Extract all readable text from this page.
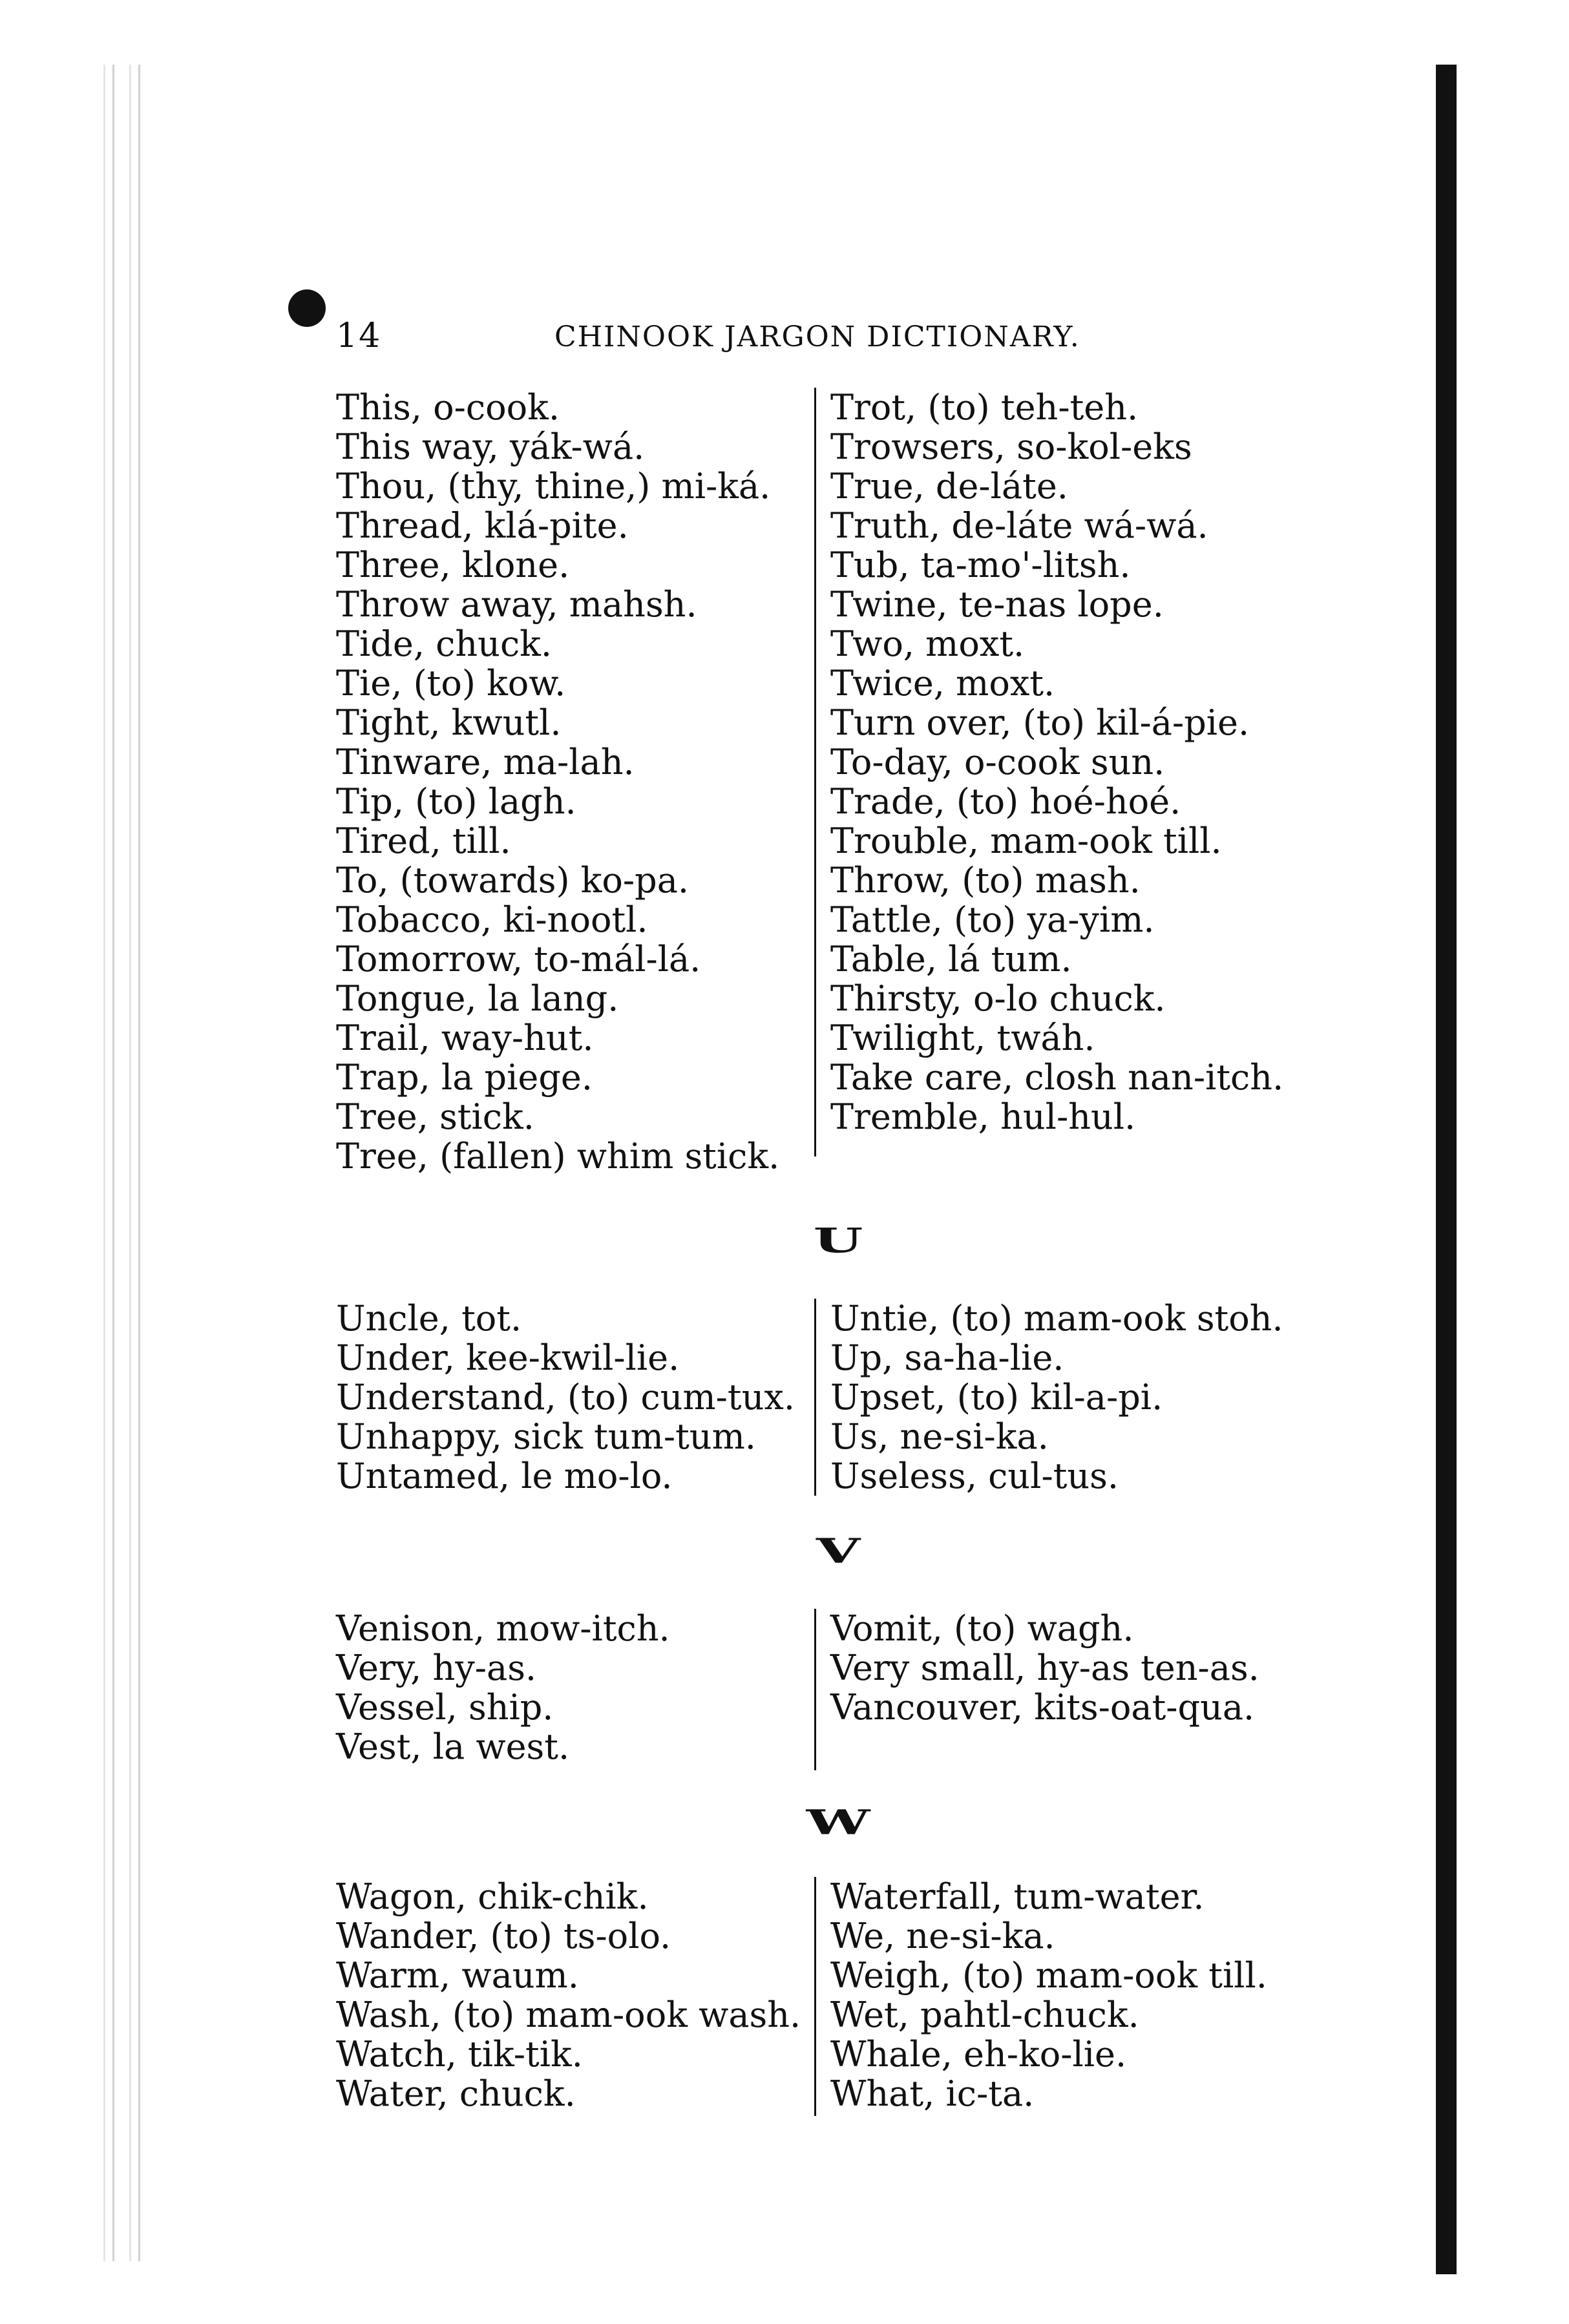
14	CHINOOK JARGON DICTIONARY.
This, o-cook.
This way, yák-wá.
Thou, (thy, thine,) mi-ká.
Thread, klá-pite.
Three, klone.
Throw away, mahsh.
Tide, chuck.
Tie, (to) kow.
Tight, kwutl.
Tinware, ma-lah.
Tip, (to) lagh.
Tired, till.
To, (towards) ko-pa.
Tobacco, ki-nootl.
Tomorrow, to-mál-lá.
Tongue, la lang.
Trail, way-hut.
Trap, la piege.
Tree, stick.
Tree, (fallen) whim stick.
Trot, (to) teh-teh.
Trowsers, so-kol-eks
True, de-láte.
Truth, de-láte wá-wá.
Tub, ta-mo'-litsh.
Twine, te-nas lope.
Two, moxt.
Twice, moxt.
Turn over, (to) kil-á-pie.
To-day, o-cook sun.
Trade, (to) hoé-hoé.
Trouble, mam-ook till.
Throw, (to) mash.
Tattle, (to) ya-yim.
Table, lá tum.
Thirsty, o-lo chuck.
Twilight, twáh.
Take care, closh nan-itch.
Tremble, hul-hul.
U
Uncle, tot.
Under, kee-kwil-lie.
Understand, (to) cum-tux.
Unhappy, sick tum-tum.
Untamed, le mo-lo.
Untie, (to) mam-ook stoh.
Up, sa-ha-lie.
Upset, (to) kil-a-pi.
Us, ne-si-ka.
Useless, cul-tus.
V
Venison, mow-itch.
Very, hy-as.
Vessel, ship.
Vest, la west.
Vomit, (to) wagh.
Very small, hy-as ten-as.
Vancouver, kits-oat-qua.
W
Wagon, chik-chik.
Wander, (to) ts-olo.
Warm, waum.
Wash, (to) mam-ook wash.
Watch, tik-tik.
Water, chuck.
Waterfall, tum-water.
We, ne-si-ka.
Weigh, (to) mam-ook till.
Wet, pahtl-chuck.
Whale, eh-ko-lie.
What, ic-ta.
